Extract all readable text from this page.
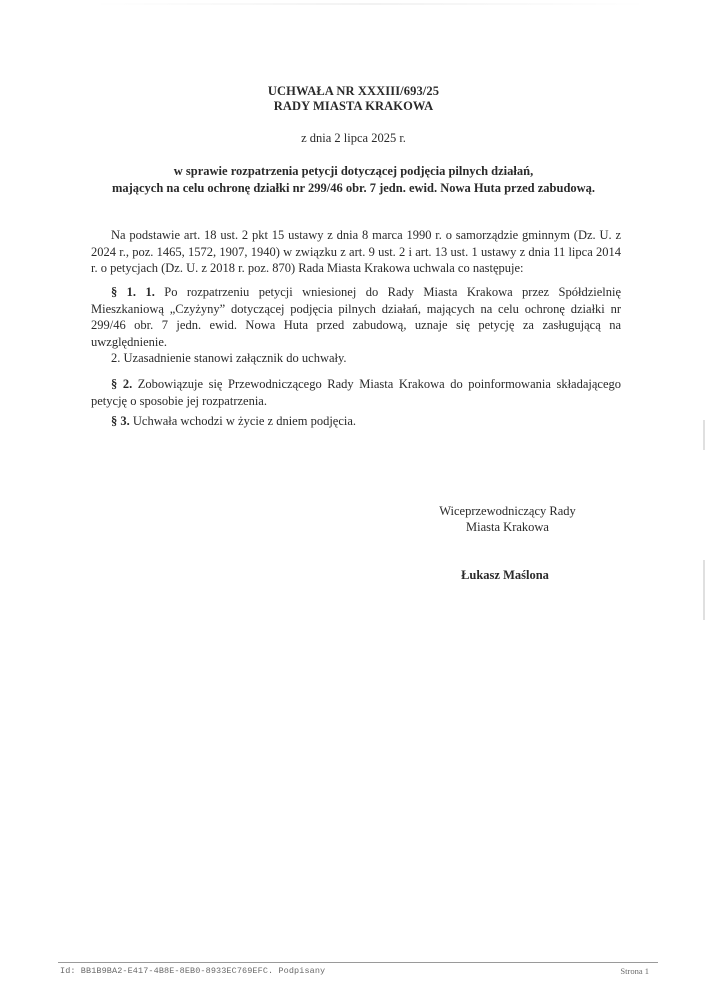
UCHWAŁA NR XXXIII/693/25
RADY MIASTA KRAKOWA
z dnia 2 lipca 2025 r.
w sprawie rozpatrzenia petycji dotyczącej podjęcia pilnych działań,
mających na celu ochronę działki nr 299/46 obr. 7 jedn. ewid. Nowa Huta przed zabudową.
Na podstawie art. 18 ust. 2 pkt 15 ustawy z dnia 8 marca 1990 r. o samorządzie gminnym (Dz. U. z 2024 r., poz. 1465, 1572, 1907, 1940) w związku z art. 9 ust. 2 i art. 13 ust. 1 ustawy z dnia 11 lipca 2014 r. o petycjach (Dz. U. z 2018 r. poz. 870) Rada Miasta Krakowa uchwala co następuje:
§ 1. 1. Po rozpatrzeniu petycji wniesionej do Rady Miasta Krakowa przez Spółdzielnię Mieszkaniową „Czyżyny” dotyczącej podjęcia pilnych działań, mających na celu ochronę działki nr 299/46 obr. 7 jedn. ewid. Nowa Huta przed zabudową, uznaje się petycję za zasługującą na uwzględnienie.
2. Uzasadnienie stanowi załącznik do uchwały.
§ 2. Zobowiązuje się Przewodniczącego Rady Miasta Krakowa do poinformowania składającego petycję o sposobie jej rozpatrzenia.
§ 3. Uchwała wchodzi w życie z dniem podjęcia.
Wiceprzewodniczący Rady
Miasta Krakowa
Łukasz Maślona
Id: BB1B9BA2-E417-4B8E-8EB0-8933EC769EFC. Podpisany	Strona 1
